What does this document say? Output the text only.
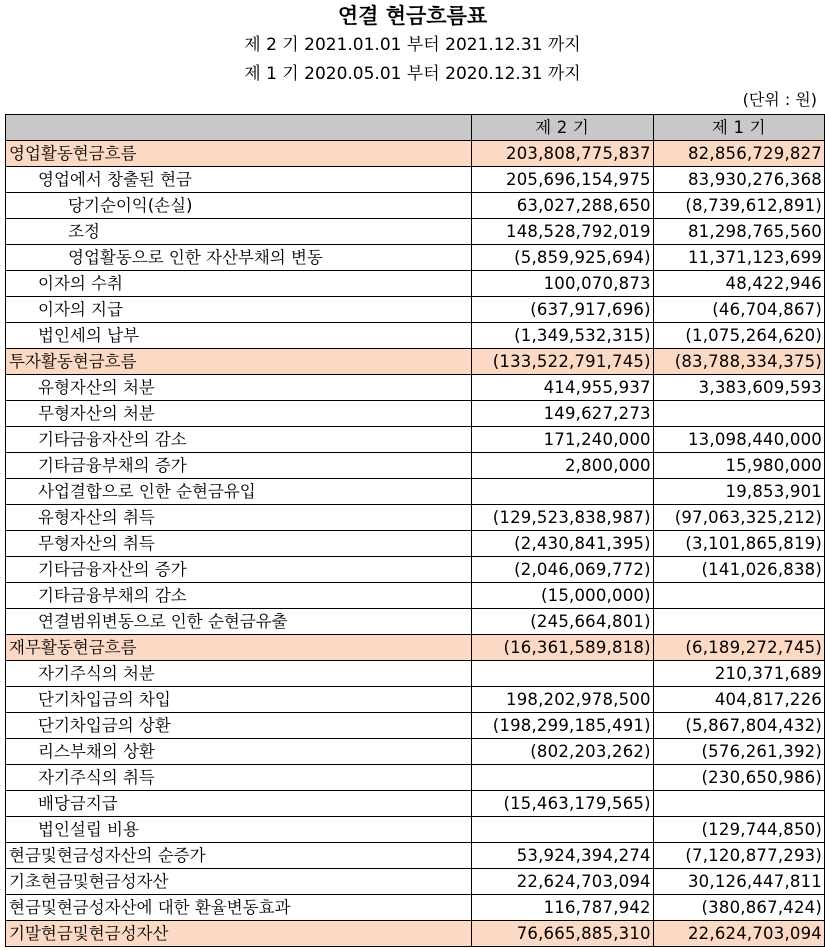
연결 현금흐름표
제 2 기 2021.01.01 부터 2021.12.31 까지
제 1 기 2020.05.01 부터 2020.12.31 까지
(단위 : 원)
	제 2 기	제 1 기
영업활동현금흐름	203,808,775,837	82,856,729,827
영업에서 창출된 현금	205,696,154,975	83,930,276,368
당기순이익(손실)	63,027,288,650	(8,739,612,891)
조정	148,528,792,019	81,298,765,560
영업활동으로 인한 자산부채의 변동	(5,859,925,694)	11,371,123,699
이자의 수취	100,070,873	48,422,946
이자의 지급	(637,917,696)	(46,704,867)
법인세의 납부	(1,349,532,315)	(1,075,264,620)
투자활동현금흐름	(133,522,791,745)	(83,788,334,375)
유형자산의 처분	414,955,937	3,383,609,593
무형자산의 처분	149,627,273	
기타금융자산의 감소	171,240,000	13,098,440,000
기타금융부채의 증가	2,800,000	15,980,000
사업결합으로 인한 순현금유입		19,853,901
유형자산의 취득	(129,523,838,987)	(97,063,325,212)
무형자산의 취득	(2,430,841,395)	(3,101,865,819)
기타금융자산의 증가	(2,046,069,772)	(141,026,838)
기타금융부채의 감소	(15,000,000)	
연결범위변동으로 인한 순현금유출	(245,664,801)	
재무활동현금흐름	(16,361,589,818)	(6,189,272,745)
자기주식의 처분		210,371,689
단기차입금의 차입	198,202,978,500	404,817,226
단기차입금의 상환	(198,299,185,491)	(5,867,804,432)
리스부채의 상환	(802,203,262)	(576,261,392)
자기주식의 취득		(230,650,986)
배당금지급	(15,463,179,565)	
법인설립 비용		(129,744,850)
현금및현금성자산의 순증가	53,924,394,274	(7,120,877,293)
기초현금및현금성자산	22,624,703,094	30,126,447,811
현금및현금성자산에 대한 환율변동효과	116,787,942	(380,867,424)
기말현금및현금성자산	76,665,885,310	22,624,703,094
